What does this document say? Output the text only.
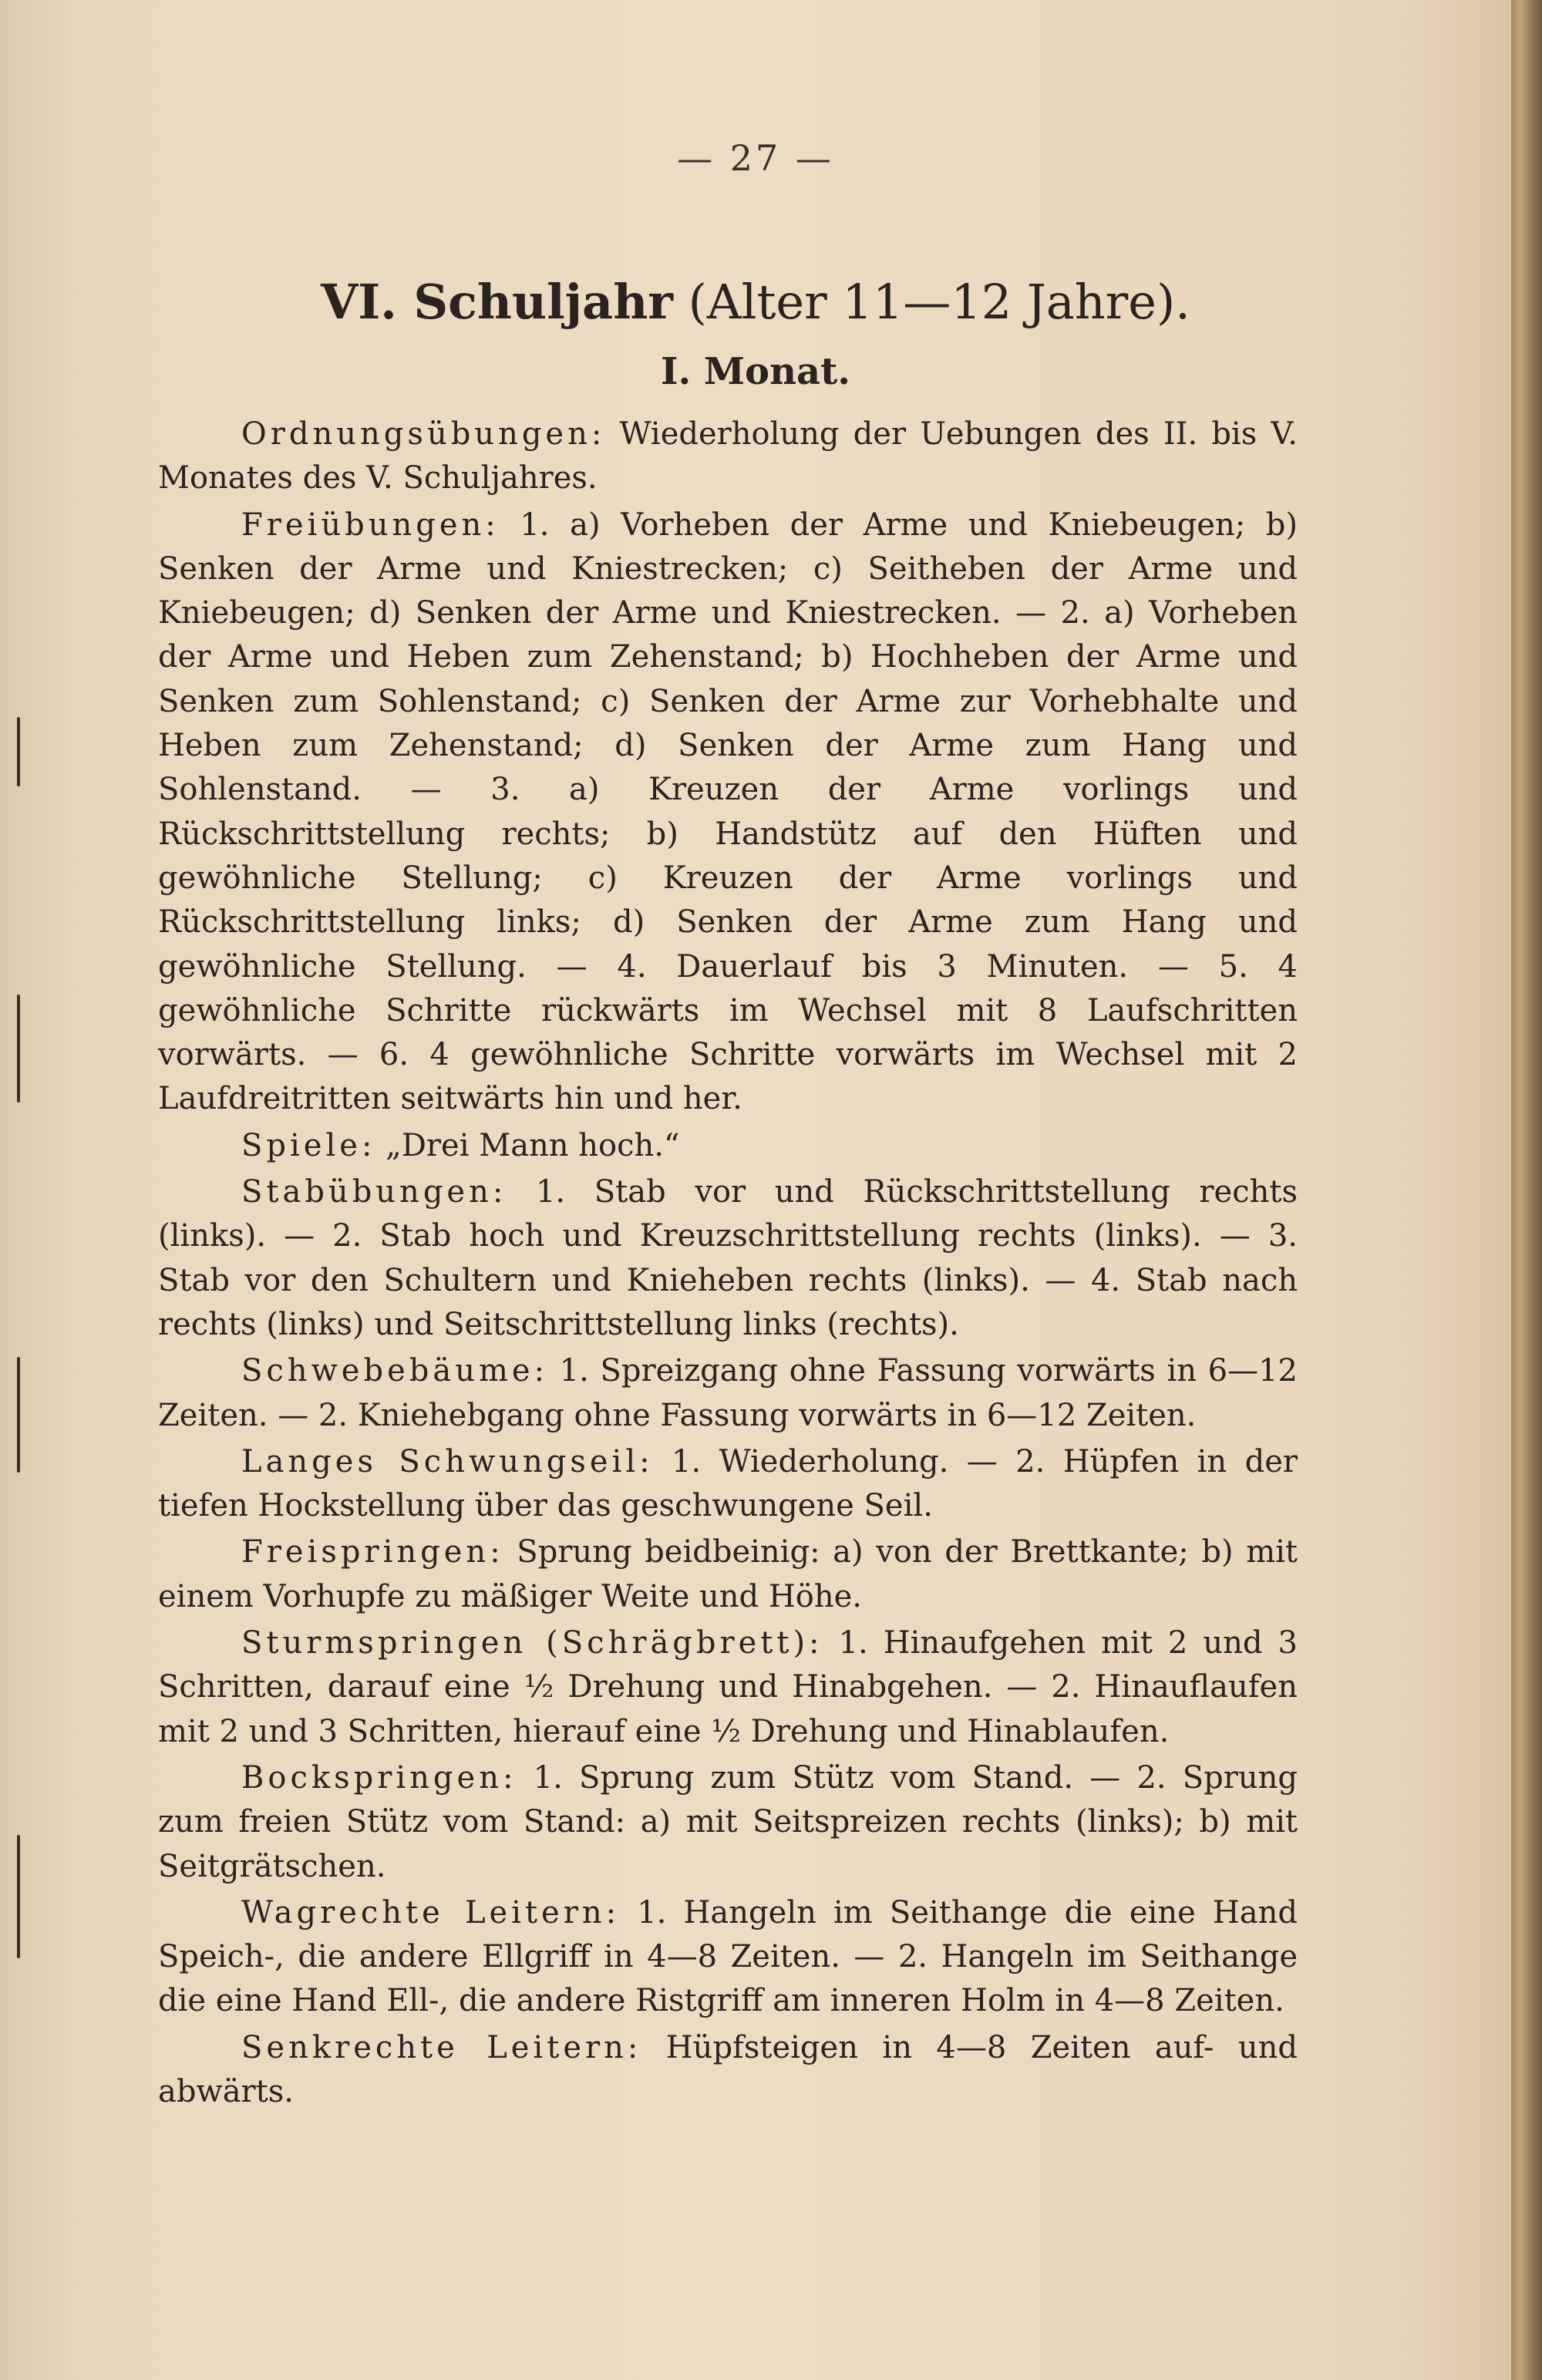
— 27 —
VI. Schuljahr (Alter 11—12 Jahre).
I. Monat.

Ordnungsübungen: Wiederholung der Uebungen des II. bis V. Monates des V. Schuljahres.

Freiübungen: 1. a) Vorheben der Arme und Kniebeugen; b) Senken der Arme und Kniestrecken; c) Seitheben der Arme und Kniebeugen; d) Senken der Arme und Kniestrecken. — 2. a) Vorheben der Arme und Heben zum Zehenstand; b) Hochheben der Arme und Senken zum Sohlenstand; c) Senken der Arme zur Vorhebhalte und Heben zum Zehenstand; d) Senken der Arme zum Hang und Sohlenstand. — 3. a) Kreuzen der Arme vorlings und Rückschrittstellung rechts; b) Handstütz auf den Hüften und gewöhnliche Stellung; c) Kreuzen der Arme vorlings und Rückschrittstellung links; d) Senken der Arme zum Hang und gewöhnliche Stellung. — 4. Dauerlauf bis 3 Minuten. — 5. 4 gewöhnliche Schritte rückwärts im Wechsel mit 8 Laufschritten vorwärts. — 6. 4 gewöhnliche Schritte vorwärts im Wechsel mit 2 Laufdreitritten seitwärts hin und her.

Spiele: „Drei Mann hoch.“

Stabübungen: 1. Stab vor und Rückschrittstellung rechts (links). — 2. Stab hoch und Kreuzschrittstellung rechts (links). — 3. Stab vor den Schultern und Knieheben rechts (links). — 4. Stab nach rechts (links) und Seitschrittstellung links (rechts).

Schwebebäume: 1. Spreizgang ohne Fassung vorwärts in 6—12 Zeiten. — 2. Kniehebgang ohne Fassung vorwärts in 6—12 Zeiten.

Langes Schwungseil: 1. Wiederholung. — 2. Hüpfen in der tiefen Hockstellung über das geschwungene Seil.

Freispringen: Sprung beidbeinig: a) von der Brettkante; b) mit einem Vorhupfe zu mäßiger Weite und Höhe.

Sturmspringen (Schrägbrett): 1. Hinaufgehen mit 2 und 3 Schritten, darauf eine ½ Drehung und Hinabgehen. — 2. Hinauflaufen mit 2 und 3 Schritten, hierauf eine ½ Drehung und Hinablaufen.

Bockspringen: 1. Sprung zum Stütz vom Stand. — 2. Sprung zum freien Stütz vom Stand: a) mit Seitspreizen rechts (links); b) mit Seitgrätschen.

Wagrechte Leitern: 1. Hangeln im Seithange die eine Hand Speich-, die andere Ellgriff in 4—8 Zeiten. — 2. Hangeln im Seithange die eine Hand Ell-, die andere Ristgriff am inneren Holm in 4—8 Zeiten.

Senkrechte Leitern: Hüpfsteigen in 4—8 Zeiten auf- und abwärts.
